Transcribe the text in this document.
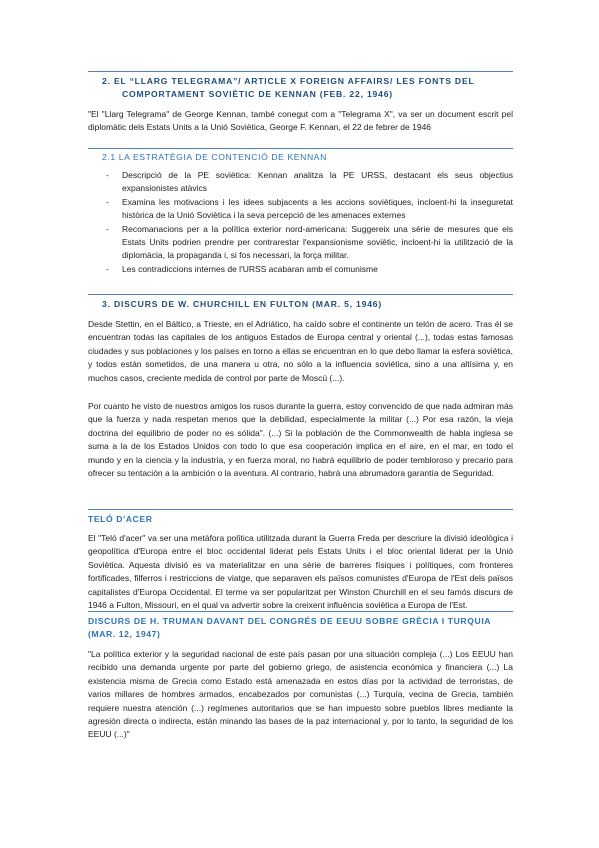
2. EL “LLARG TELEGRAMA”/ ARTICLE X FOREIGN AFFAIRS/ LES FONTS DEL
COMPORTAMENT SOVIÈTIC DE KENNAN (FEB. 22, 1946)
"El "Llarg Telegrama" de George Kennan, també conegut com a "Telegrama X", va ser un document escrit pel diplomàtic dels Estats Units a la Unió Soviètica, George F. Kennan, el 22 de febrer de 1946
2.1 LA ESTRATÈGIA DE CONTENCIÓ DE KENNAN
- Descripció de la PE soviètica: Kennan analitza la PE URSS, destacant els seus objectius expansionistes atàvics
- Examina les motivacions i les idees subjacents a les accions soviètiques, incloent-hi la inseguretat històrica de la Unió Soviètica i la seva percepció de les amenaces externes
- Recomanacions per a la política exterior nord-americana: Suggereix una sèrie de mesures que els Estats Units podrien prendre per contrarestar l'expansionisme soviètic, incloent-hi la utilització de la diplomàcia, la propaganda i, si fos necessari, la força militar.
- Les contradiccions internes de l'URSS acabaran amb el comunisme
3. DISCURS DE W. CHURCHILL EN FULTON (MAR. 5, 1946)
Desde Stettin, en el Báltico, a Trieste, en el Adriático, ha caído sobre el continente un telón de acero. Tras él se encuentran todas las capitales de los antiguos Estados de Europa central y oriental (...), todas estas famosas ciudades y sus poblaciones y los países en torno a ellas se encuentran en lo que debo llamar la esfera soviética, y todos están sometidos, de una manera u otra, no sólo a la influencia soviética, sino a una altísima y, en muchos casos, creciente medida de control por parte de Moscú (...).
Por cuanto he visto de nuestros amigos los rusos durante la guerra, estoy convencido de que nada admiran más que la fuerza y nada respetan menos que la debilidad, especialmente la militar (...) Por esa razón, la vieja doctrina del equilibrio de poder no es sólida". (...) Si la población de the Commonwealth de habla inglesa se suma a la de los Estados Unidos con todo lo que esa cooperación implica en el aire, en el mar, en todo el mundo y en la ciencia y la industria, y en fuerza moral, no habrá equilibrio de poder tembloroso y precario para ofrecer su tentación a la ambición o la aventura. Al contrario, habrá una abrumadora garantía de Seguridad.
TELÓ D'ACER
El "Teló d'acer" va ser una metàfora política utilitzada durant la Guerra Freda per descriure la divisió ideològica i geopolítica d'Europa entre el bloc occidental liderat pels Estats Units i el bloc oriental liderat per la Unió Soviètica. Aquesta divisió es va materialitzar en una sèrie de barreres físiques i polítiques, com fronteres fortificades, filferros i restriccions de viatge, que separaven els països comunistes d'Europa de l'Est dels països capitalistes d'Europa Occidental. El terme va ser popularitzat per Winston Churchill en el seu famós discurs de 1946 a Fulton, Missouri, en el qual va advertir sobre la creixent influència soviètica a Europa de l'Est.
DISCURS DE H. TRUMAN DAVANT DEL CONGRÉS DE EEUU SOBRE GRÈCIA I TURQUIA (MAR. 12, 1947)
"La política exterior y la seguridad nacional de este país pasan por una situación compleja (...) Los EEUU han recibido una demanda urgente por parte del gobierno griego, de asistencia económica y financiera (...) La existencia misma de Grecia como Estado está amenazada en estos días por la actividad de terroristas, de varios millares de hombres armados, encabezados por comunistas (...) Turquía, vecina de Grecia, también requiere nuestra atención (...) regímenes autoritarios que se han impuesto sobre pueblos libres mediante la agresión directa o indirecta, están minando las bases de la paz internacional y, por lo tanto, la seguridad de los EEUU (...)"
